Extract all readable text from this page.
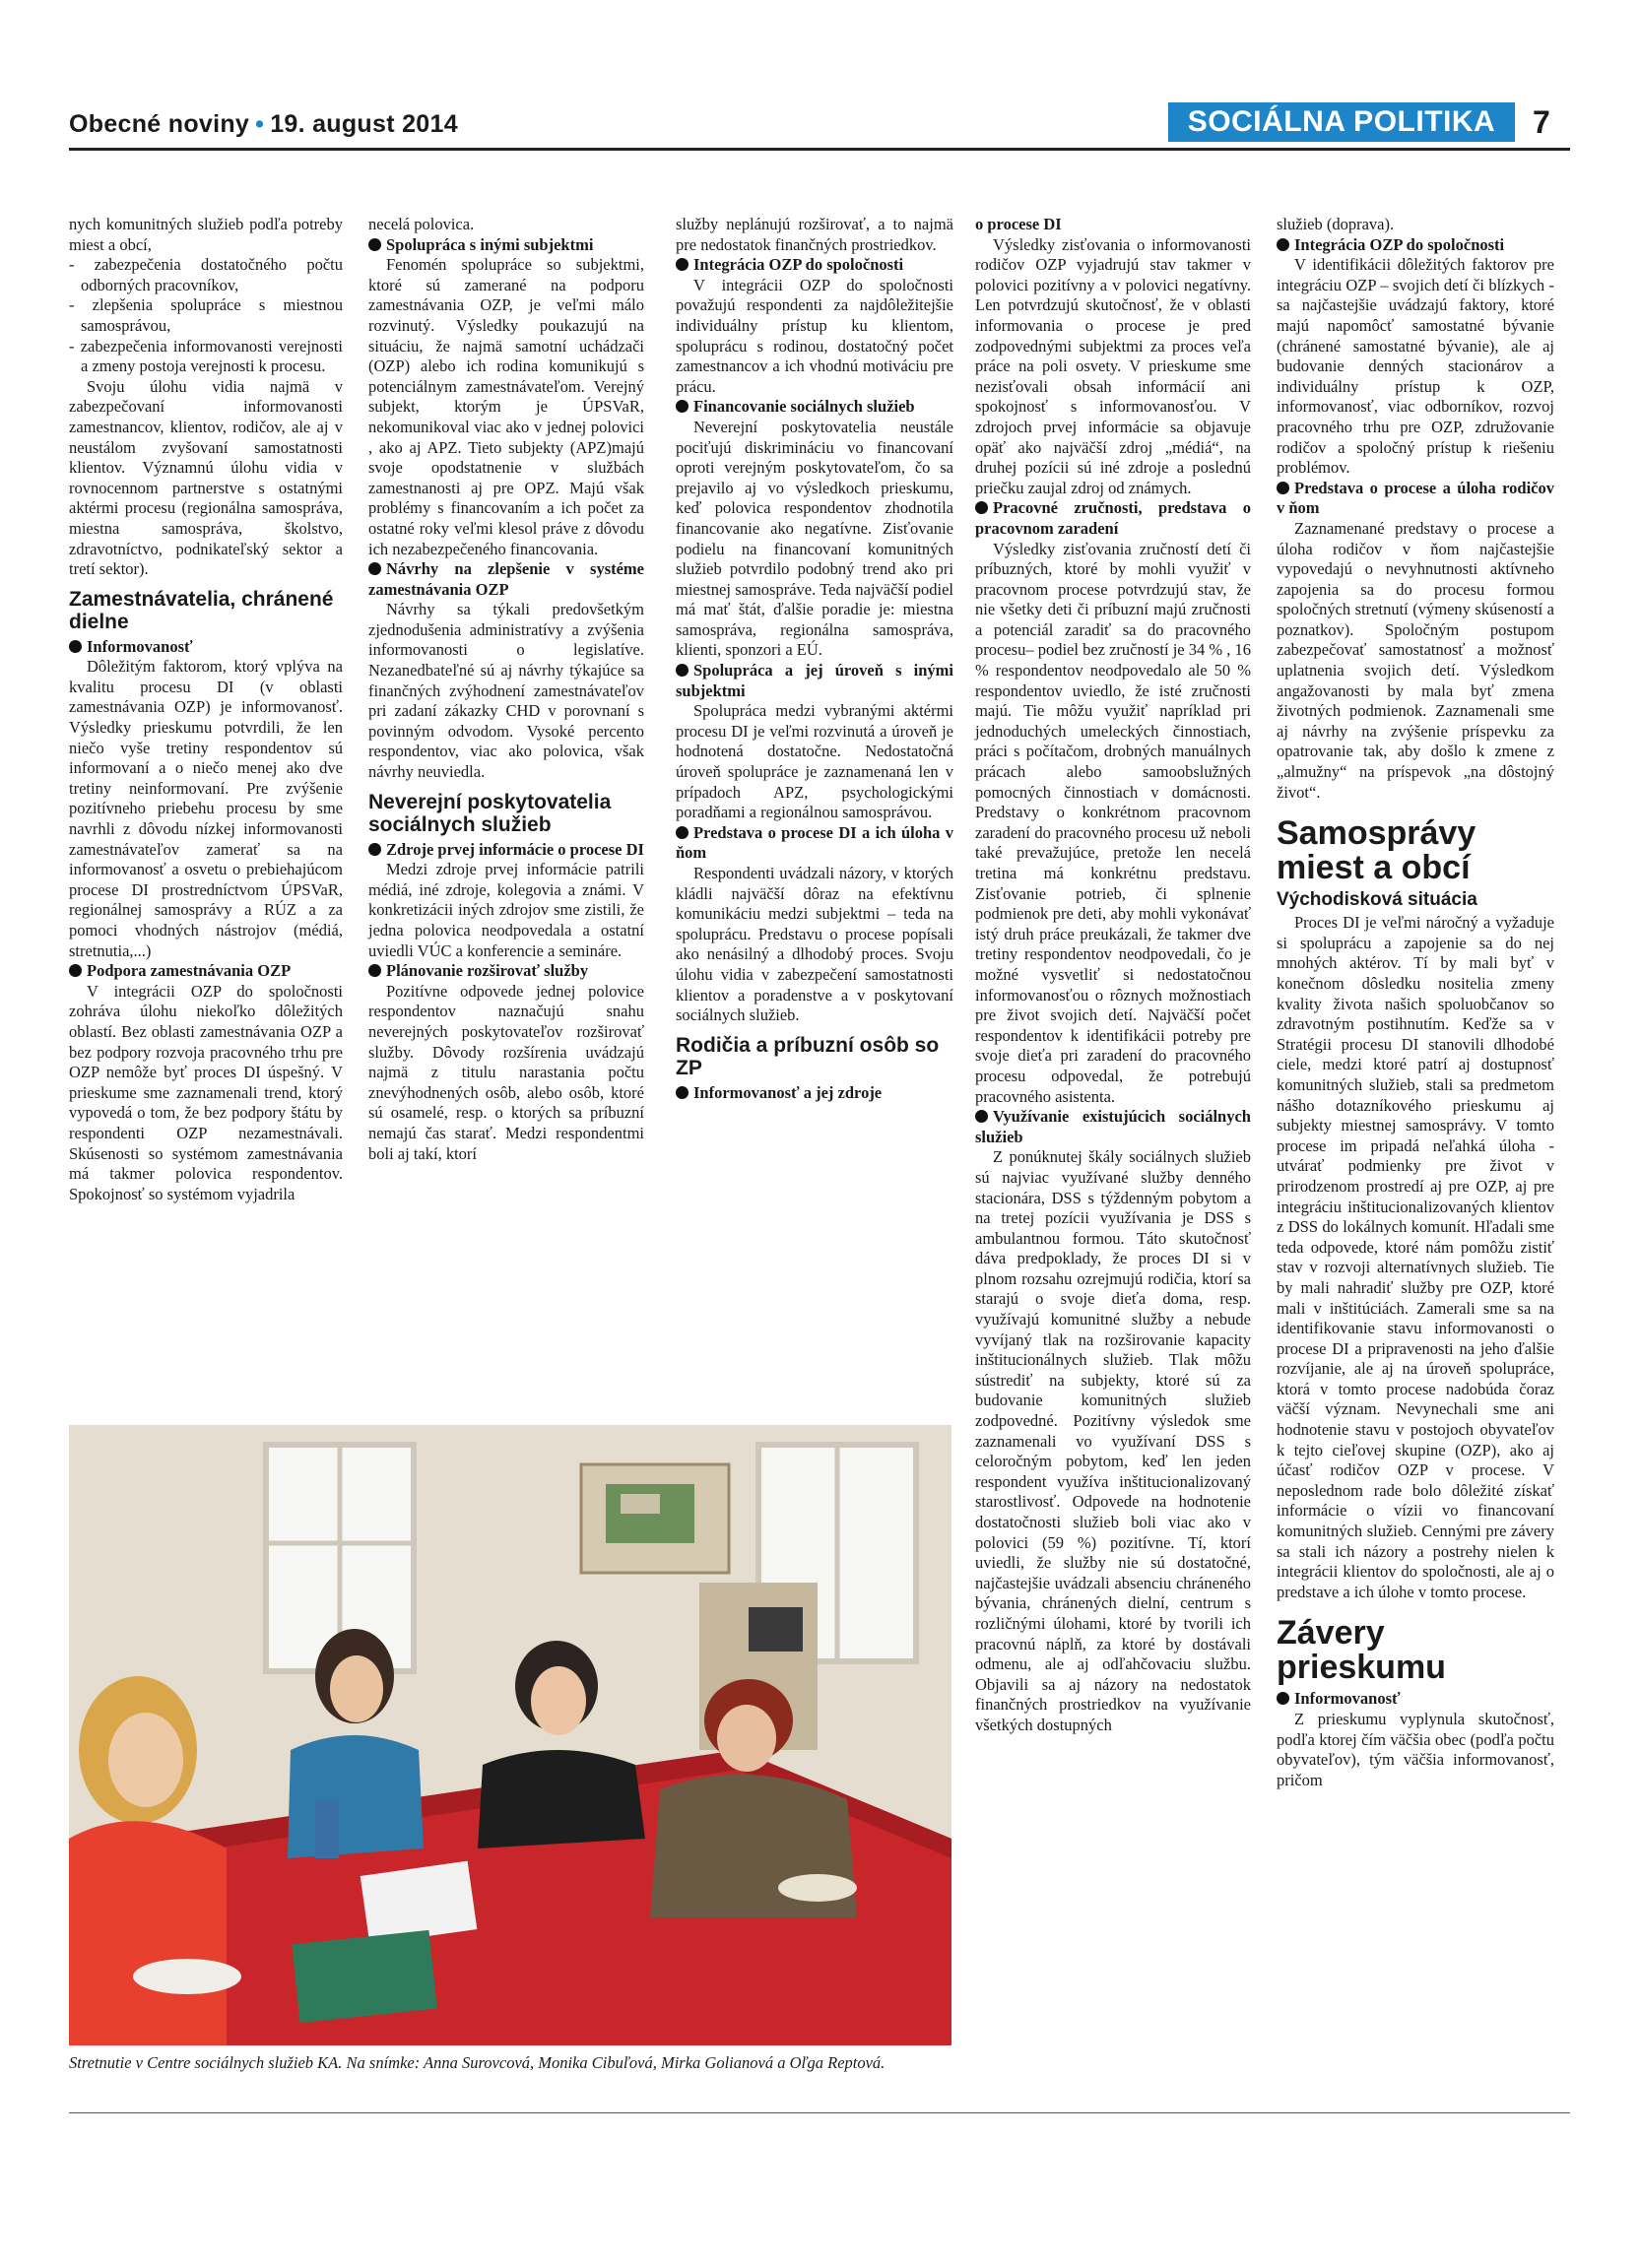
Obecné noviny • 19. august 2014	SOCIÁLNA POLITIKA	7

nych komunitných služieb podľa potreby miest a obcí,

- zabezpečenia dostatočného počtu odborných pracovníkov,

- zlepšenia spolupráce s miestnou samosprávou,

- zabezpečenia informovanosti verejnosti a zmeny postoja verejnosti k procesu.

Svoju úlohu vidia najmä v zabezpečovaní informovanosti zamestnancov, klientov, rodičov, ale aj v neustálom zvyšovaní samostatnosti klientov. Významnú úlohu vidia v rovnocennom partnerstve s ostatnými aktérmi procesu (regionálna samospráva, miestna samospráva, školstvo, zdravotníctvo, podnikateľský sektor a tretí sektor).

Zamestnávatelia, chránené dielne

Informovanosť

Dôležitým faktorom, ktorý vplýva na kvalitu procesu DI (v oblasti zamestnávania OZP) je informovanosť. Výsledky prieskumu potvrdili, že len niečo vyše tretiny respondentov sú informovaní a o niečo menej ako dve tretiny neinformovaní. Pre zvýšenie pozitívneho priebehu procesu by sme navrhli z dôvodu nízkej informovanosti zamestnávateľov zamerať sa na informovanosť a osvetu o prebiehajúcom procese DI prostredníctvom ÚPSVaR, regionálnej samosprávy a RÚZ a za pomoci vhodných nástrojov (médiá, stretnutia,...)

Podpora zamestnávania OZP

V integrácii OZP do spoločnosti zohráva úlohu niekoľko dôležitých oblastí. Bez oblasti zamestnávania OZP a bez podpory rozvoja pracovného trhu pre OZP nemôže byť proces DI úspešný. V prieskume sme zaznamenali trend, ktorý vypovedá o tom, že bez podpory štátu by respondenti OZP nezamestnávali. Skúsenosti so systémom zamestnávania má takmer polovica respondentov. Spokojnosť so systémom vyjadrila

necelá polovica.

Spolupráca s inými subjektmi

Fenomén spolupráce so subjektmi, ktoré sú zamerané na podporu zamestnávania OZP, je veľmi málo rozvinutý. Výsledky poukazujú na situáciu, že najmä samotní uchádzači (OZP) alebo ich rodina komunikujú s potenciálnym zamestnávateľom. Verejný subjekt, ktorým je ÚPSVaR, nekomunikoval viac ako v jednej polovici , ako aj APZ. Tieto subjekty (APZ)majú svoje opodstatnenie v službách zamestnanosti aj pre OPZ. Majú však problémy s financovaním a ich počet za ostatné roky veľmi klesol práve z dôvodu ich nezabezpečeného financovania.

Návrhy na zlepšenie v systéme zamestnávania OZP

Návrhy sa týkali predovšetkým zjednodušenia administratívy a zvýšenia informovanosti o legislatíve. Nezanedbateľné sú aj návrhy týkajúce sa finančných zvýhodnení zamestnávateľov pri zadaní zákazky CHD v porovnaní s povinným odvodom. Vysoké percento respondentov, viac ako polovica, však návrhy neuviedla.

Neverejní poskytovatelia sociálnych služieb

Zdroje prvej informácie o procese DI

Medzi zdroje prvej informácie patrili médiá, iné zdroje, kolegovia a známi. V konkretizácii iných zdrojov sme zistili, že jedna polovica neodpovedala a ostatní uviedli VÚC a konferencie a semináre.

Plánovanie rozširovať služby

Pozitívne odpovede jednej polovice respondentov naznačujú snahu neverejných poskytovateľov rozširovať služby. Dôvody rozšírenia uvádzajú najmä z titulu narastania počtu znevýhodnených osôb, alebo osôb, ktoré sú osamelé, resp. o ktorých sa príbuzní nemajú čas starať. Medzi respondentmi boli aj takí, ktorí

služby neplánujú rozširovať, a to najmä pre nedostatok finančných prostriedkov.

Integrácia OZP do spoločnosti

V integrácii OZP do spoločnosti považujú respondenti za najdôležitejšie individuálny prístup ku klientom, spoluprácu s rodinou, dostatočný počet zamestnancov a ich vhodnú motiváciu pre prácu.

Financovanie sociálnych služieb

Neverejní poskytovatelia neustále pociťujú diskrimináciu vo financovaní oproti verejným poskytovateľom, čo sa prejavilo aj vo výsledkoch prieskumu, keď polovica respondentov zhodnotila financovanie ako negatívne. Zisťovanie podielu na financovaní komunitných služieb potvrdilo podobný trend ako pri miestnej samospráve. Teda najväčší podiel má mať štát, ďalšie poradie je: miestna samospráva, regionálna samospráva, klienti, sponzori a EÚ.

Spolupráca a jej úroveň s inými subjektmi

Spolupráca medzi vybranými aktérmi procesu DI je veľmi rozvinutá a úroveň je hodnotená dostatočne. Nedostatočná úroveň spolupráce je zaznamenaná len v prípadoch APZ, psychologickými poradňami a regionálnou samosprávou.

Predstava o procese DI a ich úloha v ňom

Respondenti uvádzali názory, v ktorých kládli najväčší dôraz na efektívnu komunikáciu medzi subjektmi – teda na spoluprácu. Predstavu o procese popísali ako nenásilný a dlhodobý proces. Svoju úlohu vidia v zabezpečení samostatnosti klientov a poradenstve a v poskytovaní sociálnych služieb.

Rodičia a príbuzní osôb so ZP

Informovanosť a jej zdroje

o procese DI

Výsledky zisťovania o informovanosti rodičov OZP vyjadrujú stav takmer v polovici pozitívny a v polovici negatívny. Len potvrdzujú skutočnosť, že v oblasti informovania o procese je pred zodpovednými subjektmi za proces veľa práce na poli osvety. V prieskume sme nezisťovali obsah informácií ani spokojnosť s informovanosťou. V zdrojoch prvej informácie sa objavuje opäť ako najväčší zdroj „médiá“, na druhej pozícii sú iné zdroje a poslednú priečku zaujal zdroj od známych.

Pracovné zručnosti, predstava o pracovnom zaradení

Výsledky zisťovania zručností detí či príbuzných, ktoré by mohli využiť v pracovnom procese potvrdzujú stav, že nie všetky deti či príbuzní majú zručnosti a potenciál zaradiť sa do pracovného procesu– podiel bez zručností je 34 % , 16 % respondentov neodpovedalo ale 50 % respondentov uviedlo, že isté zručnosti majú. Tie môžu využiť napríklad pri jednoduchých umeleckých činnostiach, práci s počítačom, drobných manuálnych prácach alebo samoobslužných pomocných činnostiach v domácnosti. Predstavy o konkrétnom pracovnom zaradení do pracovného procesu už neboli také prevažujúce, pretože len necelá tretina má konkrétnu predstavu. Zisťovanie potrieb, či splnenie podmienok pre deti, aby mohli vykonávať istý druh práce preukázali, že takmer dve tretiny respondentov neodpovedali, čo je možné vysvetliť si nedostatočnou informovanosťou o rôznych možnostiach pre život svojich detí. Najväčší počet respondentov k identifikácii potreby pre svoje dieťa pri zaradení do pracovného procesu odpovedal, že potrebujú pracovného asistenta.

Využívanie existujúcich sociálnych služieb

Z ponúknutej škály sociálnych služieb sú najviac využívané služby denného stacionára, DSS s týždenným pobytom a na tretej pozícii využívania je DSS s ambulantnou formou. Táto skutočnosť dáva predpoklady, že proces DI si v plnom rozsahu ozrejmujú rodičia, ktorí sa starajú o svoje dieťa doma, resp. využívajú komunitné služby a nebude vyvíjaný tlak na rozširovanie kapacity inštitucionálnych služieb. Tlak môžu sústrediť na subjekty, ktoré sú za budovanie komunitných služieb zodpovedné. Pozitívny výsledok sme zaznamenali vo využívaní DSS s celoročným pobytom, keď len jeden respondent využíva inštitucionalizovaný starostlivosť. Odpovede na hodnotenie dostatočnosti služieb boli viac ako v polovici (59 %) pozitívne. Tí, ktorí uviedli, že služby nie sú dostatočné, najčastejšie uvádzali absenciu chráneného bývania, chránených dielní, centrum s rozličnými úlohami, ktoré by tvorili ich pracovnú náplň, za ktoré by dostávali odmenu, ale aj odľahčovaciu službu. Objavili sa aj názory na nedostatok finančných prostriedkov na využívanie všetkých dostupných

služieb (doprava).

Integrácia OZP do spoločnosti

V identifikácii dôležitých faktorov pre integráciu OZP – svojich detí či blízkych - sa najčastejšie uvádzajú faktory, ktoré majú napomôcť samostatné bývanie (chránené samostatné bývanie), ale aj budovanie denných stacionárov a individuálny prístup k OZP, informovanosť, viac odborníkov, rozvoj pracovného trhu pre OZP, združovanie rodičov a spoločný prístup k riešeniu problémov.

Predstava o procese a úloha rodičov v ňom

Zaznamenané predstavy o procese a úloha rodičov v ňom najčastejšie vypovedajú o nevyhnutnosti aktívneho zapojenia sa do procesu formou spoločných stretnutí (výmeny skúseností a poznatkov). Spoločným postupom zabezpečovať samostatnosť a možnosť uplatnenia svojich detí. Výsledkom angažovanosti by mala byť zmena životných podmienok. Zaznamenali sme aj návrhy na zvýšenie príspevku za opatrovanie tak, aby došlo k zmene z „almužny“ na príspevok „na dôstojný život“.

Samosprávy miest a obcí
Východisková situácia

Proces DI je veľmi náročný a vyžaduje si spoluprácu a zapojenie sa do nej mnohých aktérov. Tí by mali byť v konečnom dôsledku nositelia zmeny kvality života našich spoluobčanov so zdravotným postihnutím. Keďže sa v Stratégii procesu DI stanovili dlhodobé ciele, medzi ktoré patrí aj dostupnosť komunitných služieb, stali sa predmetom nášho dotazníkového prieskumu aj subjekty miestnej samosprávy. V tomto procese im pripadá neľahká úloha - utvárať podmienky pre život v prirodzenom prostredí aj pre OZP, aj pre integráciu inštitucionalizovaných klientov z DSS do lokálnych komunít. Hľadali sme teda odpovede, ktoré nám pomôžu zistiť stav v rozvoji alternatívnych služieb. Tie by mali nahradiť služby pre OZP, ktoré mali v inštitúciách. Zamerali sme sa na identifikovanie stavu informovanosti o procese DI a pripravenosti na jeho ďalšie rozvíjanie, ale aj na úroveň spolupráce, ktorá v tomto procese nadobúda čoraz väčší význam. Nevynechali sme ani hodnotenie stavu v postojoch obyvateľov k tejto cieľovej skupine (OZP), ako aj účasť rodičov OZP v procese. V neposlednom rade bolo dôležité získať informácie o vízii vo financovaní komunitných služieb. Cennými pre závery sa stali ich názory a postrehy nielen k integrácii klientov do spoločnosti, ale aj o predstave a ich úlohe v tomto procese.

Závery prieskumu

Informovanosť

Z prieskumu vyplynula skutočnosť, podľa ktorej čím väčšia obec (podľa počtu obyvateľov), tým väčšia informovanosť, pričom

Stretnutie v Centre sociálnych služieb KA. Na snímke: Anna Surovcová, Monika Cibuľová, Mirka Golianová a Oľga Reptová.
